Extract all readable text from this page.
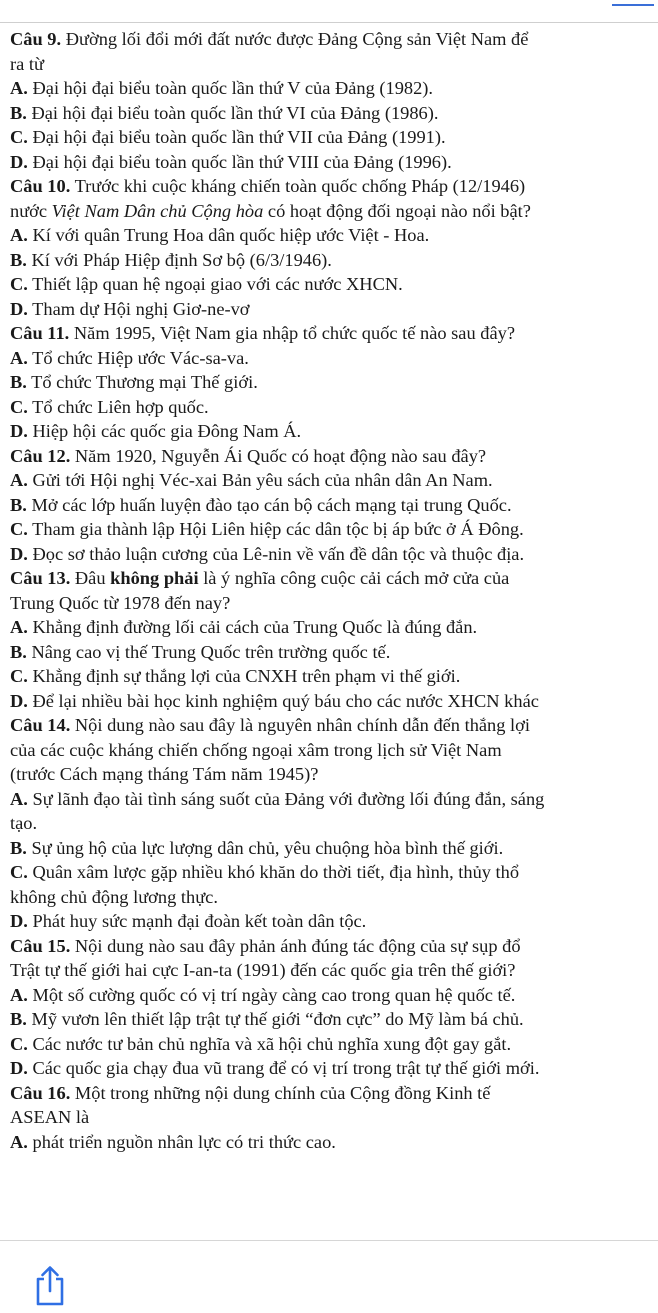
Câu 9. Đường lối đổi mới đất nước được Đảng Cộng sản Việt Nam để
ra từ
A. Đại hội đại biểu toàn quốc lần thứ V của Đảng (1982).
B. Đại hội đại biểu toàn quốc lần thứ VI của Đảng (1986).
C. Đại hội đại biểu toàn quốc lần thứ VII của Đảng (1991).
D. Đại hội đại biểu toàn quốc lần thứ VIII của Đảng (1996).
Câu 10. Trước khi cuộc kháng chiến toàn quốc chống Pháp (12/1946)
nước Việt Nam Dân chủ Cộng hòa có hoạt động đối ngoại nào nổi bật?
A. Kí với quân Trung Hoa dân quốc hiệp ước Việt - Hoa.
B. Kí với Pháp Hiệp định Sơ bộ (6/3/1946).
C. Thiết lập quan hệ ngoại giao với các nước XHCN.
D. Tham dự Hội nghị Giơ-ne-vơ
Câu 11. Năm 1995, Việt Nam gia nhập tổ chức quốc tế nào sau đây?
A. Tổ chức Hiệp ước Vác-sa-va.
B. Tổ chức Thương mại Thế giới.
C. Tổ chức Liên hợp quốc.
D. Hiệp hội các quốc gia Đông Nam Á.
Câu 12. Năm 1920, Nguyễn Ái Quốc có hoạt động nào sau đây?
A. Gửi tới Hội nghị Véc-xai Bản yêu sách của nhân dân An Nam.
B. Mở các lớp huấn luyện đào tạo cán bộ cách mạng tại trung Quốc.
C. Tham gia thành lập Hội Liên hiệp các dân tộc bị áp bức ở Á Đông.
D. Đọc sơ thảo luận cương của Lê-nin về vấn đề dân tộc và thuộc địa.
Câu 13. Đâu không phải là ý nghĩa công cuộc cải cách mở cửa của
Trung Quốc từ 1978 đến nay?
A. Khẳng định đường lối cải cách của Trung Quốc là đúng đắn.
B. Nâng cao vị thế Trung Quốc trên trường quốc tế.
C. Khẳng định sự thắng lợi của CNXH trên phạm vi thế giới.
D. Để lại nhiều bài học kinh nghiệm quý báu cho các nước XHCN khác
Câu 14. Nội dung nào sau đây là nguyên nhân chính dẫn đến thắng lợi
của các cuộc kháng chiến chống ngoại xâm trong lịch sử Việt Nam
(trước Cách mạng tháng Tám năm 1945)?
A. Sự lãnh đạo tài tình sáng suốt của Đảng với đường lối đúng đắn, sáng
tạo.
B. Sự ủng hộ của lực lượng dân chủ, yêu chuộng hòa bình thế giới.
C. Quân xâm lược gặp nhiều khó khăn do thời tiết, địa hình, thủy thổ
không chủ động lương thực.
D. Phát huy sức mạnh đại đoàn kết toàn dân tộc.
Câu 15. Nội dung nào sau đây phản ánh đúng tác động của sự sụp đổ
Trật tự thế giới hai cực I-an-ta (1991) đến các quốc gia trên thế giới?
A. Một số cường quốc có vị trí ngày càng cao trong quan hệ quốc tế.
B. Mỹ vươn lên thiết lập trật tự thế giới “đơn cực” do Mỹ làm bá chủ.
C. Các nước tư bản chủ nghĩa và xã hội chủ nghĩa xung đột gay gắt.
D. Các quốc gia chạy đua vũ trang để có vị trí trong trật tự thế giới mới.
Câu 16. Một trong những nội dung chính của Cộng đồng Kinh tế
ASEAN là
A. phát triển nguồn nhân lực có tri thức cao.
